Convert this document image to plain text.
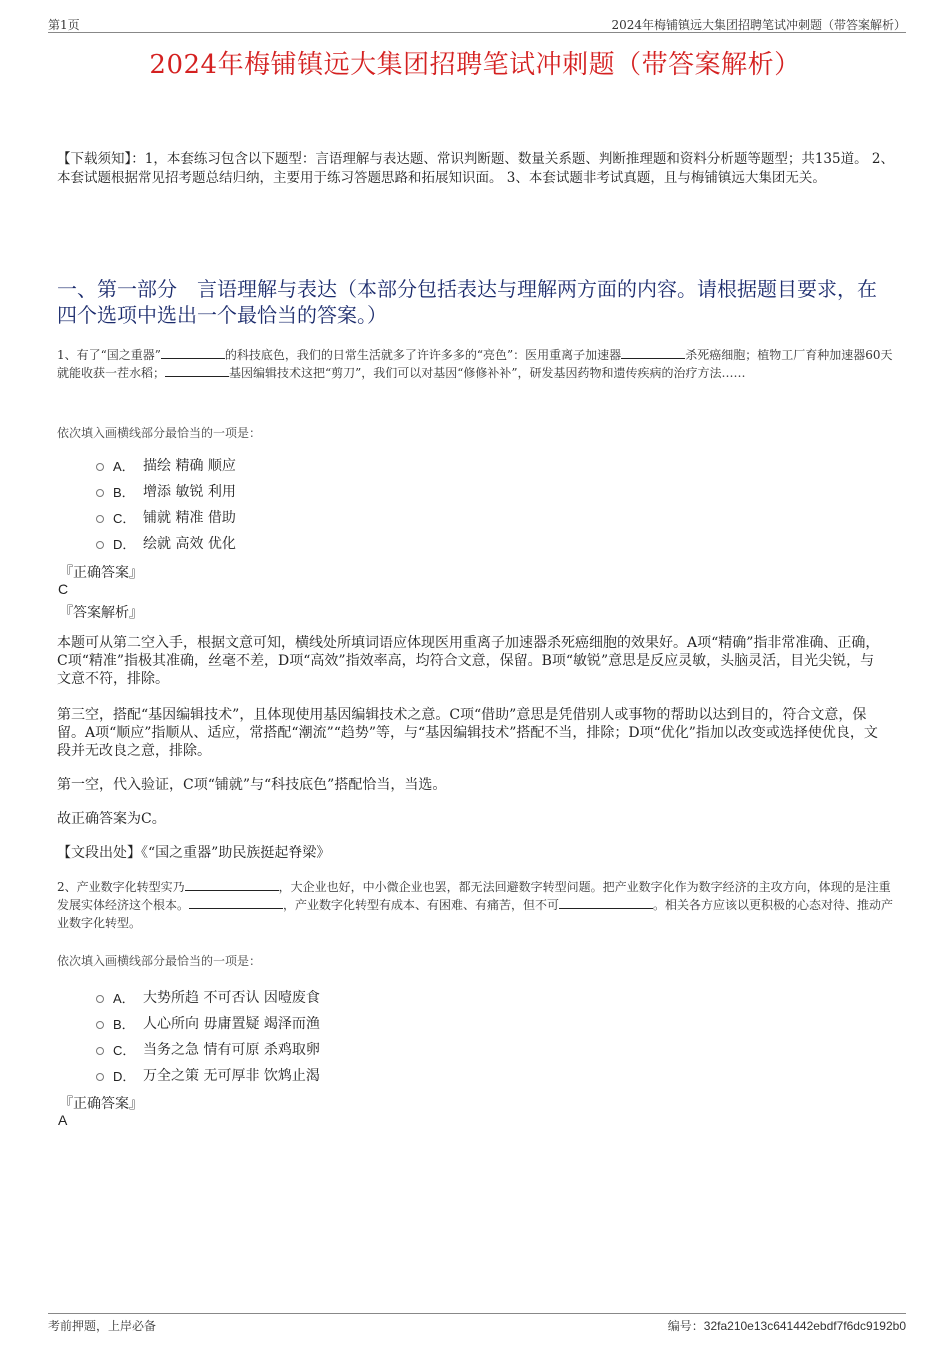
第1页	2024年梅铺镇远大集团招聘笔试冲刺题（带答案解析）
2024年梅铺镇远大集团招聘笔试冲刺题（带答案解析）
【下载须知】：1，本套练习包含以下题型：言语理解与表达题、常识判断题、数量关系题、判断推理题和资料分析题等题型；共135道。 2、本套试题根据常见招考题总结归纳，主要用于练习答题思路和拓展知识面。 3、本套试题非考试真题，且与梅铺镇远大集团无关。
一、第一部分　言语理解与表达（本部分包括表达与理解两方面的内容。请根据题目要求，在四个选项中选出一个最恰当的答案。）
1、有了“国之重器”	的科技底色，我们的日常生活就多了许许多多的“亮色”：医用重离子加速器	杀死癌细胞；植物工厂育种加速器60天就能收获一茬水稻；	基因编辑技术这把“剪刀”，我们可以对基因“修修补补”，研发基因药物和遗传疾病的治疗方法……
依次填入画横线部分最恰当的一项是：
A． 描绘 精确 顺应
B． 增添 敏锐 利用
C． 铺就 精准 借助
D． 绘就 高效 优化
『正确答案』
C
『答案解析』
本题可从第二空入手，根据文意可知，横线处所填词语应体现医用重离子加速器杀死癌细胞的效果好。A项“精确”指非常准确、正确，C项“精准”指极其准确，丝毫不差，D项“高效”指效率高，均符合文意，保留。B项“敏锐”意思是反应灵敏，头脑灵活，目光尖锐，与文意不符，排除。
第三空，搭配“基因编辑技术”，且体现使用基因编辑技术之意。C项“借助”意思是凭借别人或事物的帮助以达到目的，符合文意，保留。A项“顺应”指顺从、适应，常搭配“潮流”“趋势”等，与“基因编辑技术”搭配不当，排除；D项“优化”指加以改变或选择使优良，文段并无改良之意，排除。
第一空，代入验证，C项“铺就”与“科技底色”搭配恰当，当选。
故正确答案为C。
【文段出处】《“国之重器”助民族挺起脊梁》
2、产业数字化转型实乃	，大企业也好，中小微企业也罢，都无法回避数字转型问题。把产业数字化作为数字经济的主攻方向，体现的是注重发展实体经济这个根本。	，产业数字化转型有成本、有困难、有痛苦，但不可	。相关各方应该以更积极的心态对待、推动产业数字化转型。
依次填入画横线部分最恰当的一项是：
A． 大势所趋 不可否认 因噎废食
B． 人心所向 毋庸置疑 竭泽而渔
C． 当务之急 情有可原 杀鸡取卵
D． 万全之策 无可厚非 饮鸩止渴
『正确答案』
A
考前押题，上岸必备	编号：32fa210e13c641442ebdf7f6dc9192b0
